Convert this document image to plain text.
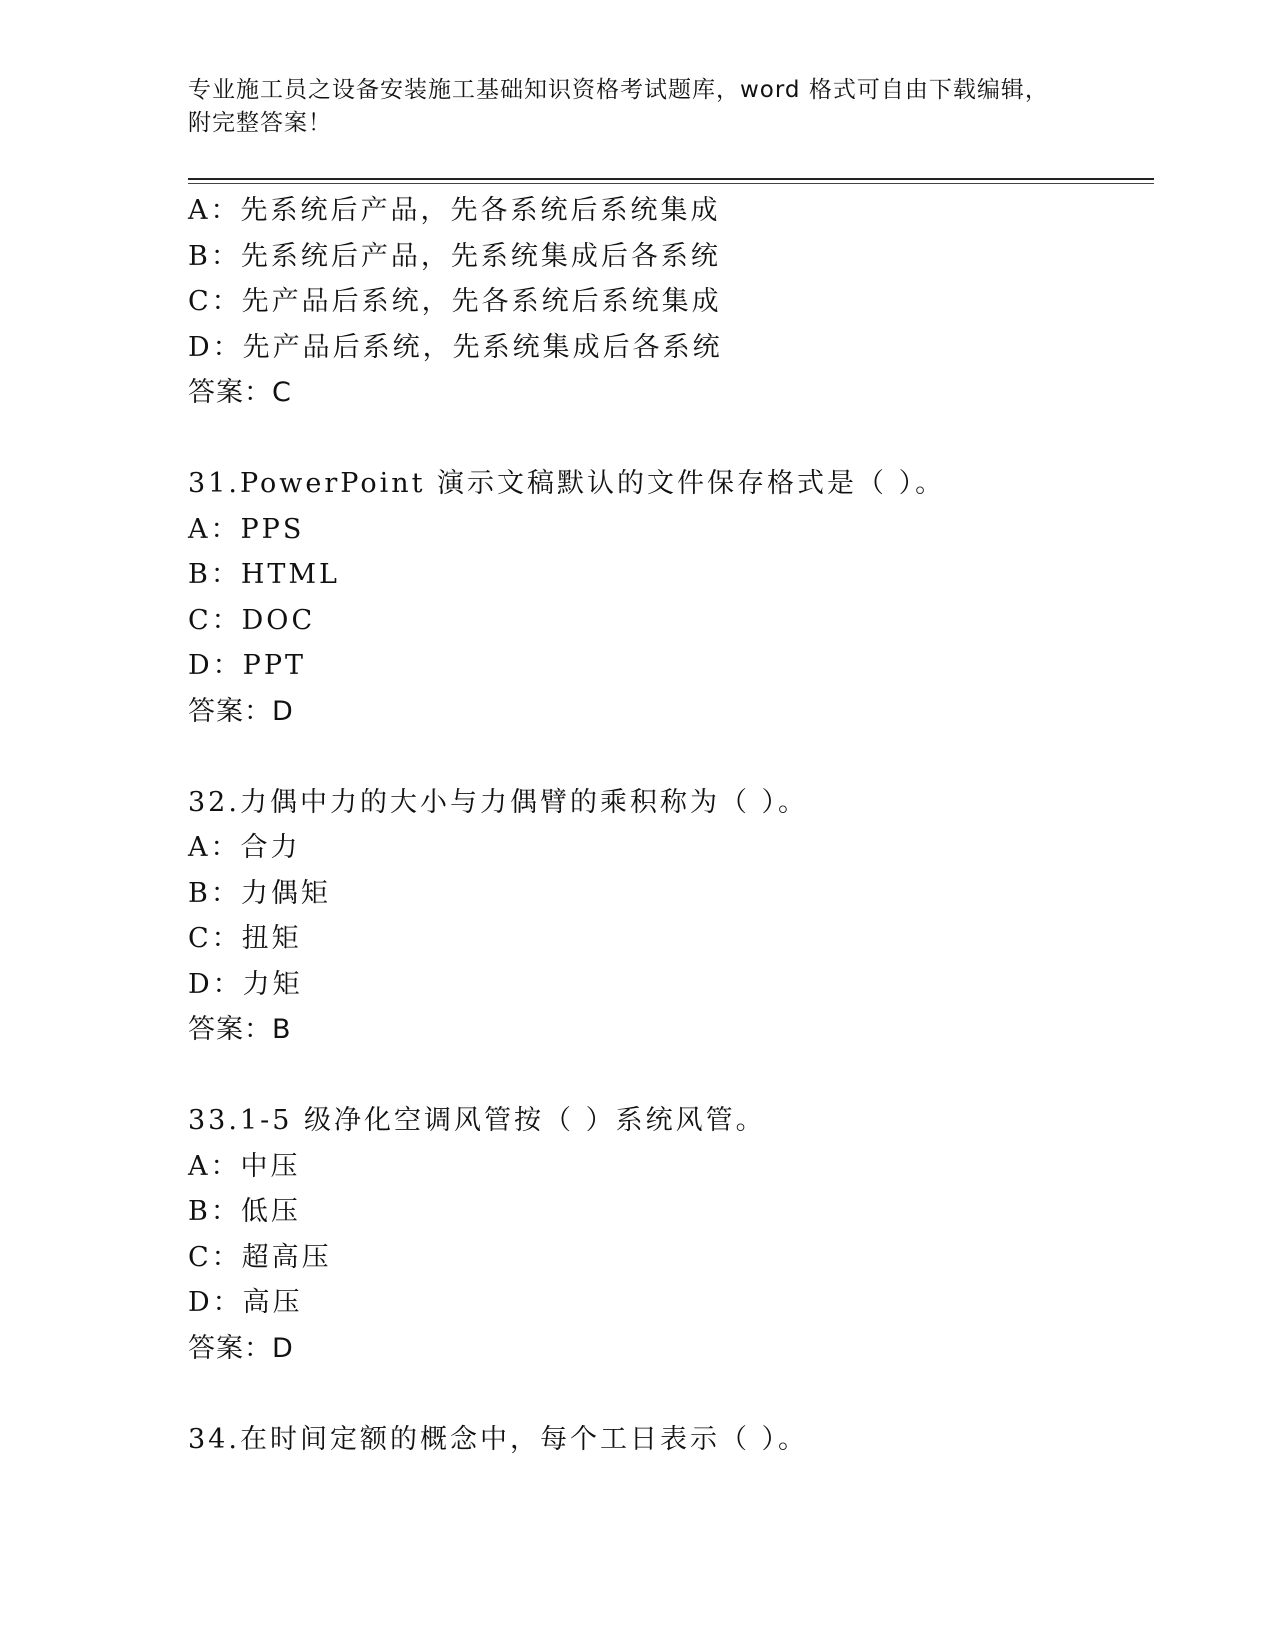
专业施工员之设备安装施工基础知识资格考试题库，word 格式可自由下载编辑，
附完整答案！
A：先系统后产品，先各系统后系统集成
B：先系统后产品，先系统集成后各系统
C：先产品后系统，先各系统后系统集成
D：先产品后系统，先系统集成后各系统
答案：C
31.PowerPoint 演示文稿默认的文件保存格式是（ ）。
A：PPS
B：HTML
C：DOC
D：PPT
答案：D
32.力偶中力的大小与力偶臂的乘积称为（ ）。
A：合力
B：力偶矩
C：扭矩
D：力矩
答案：B
33.1-5 级净化空调风管按（ ）系统风管。
A：中压
B：低压
C：超高压
D：高压
答案：D
34.在时间定额的概念中，每个工日表示（ ）。
